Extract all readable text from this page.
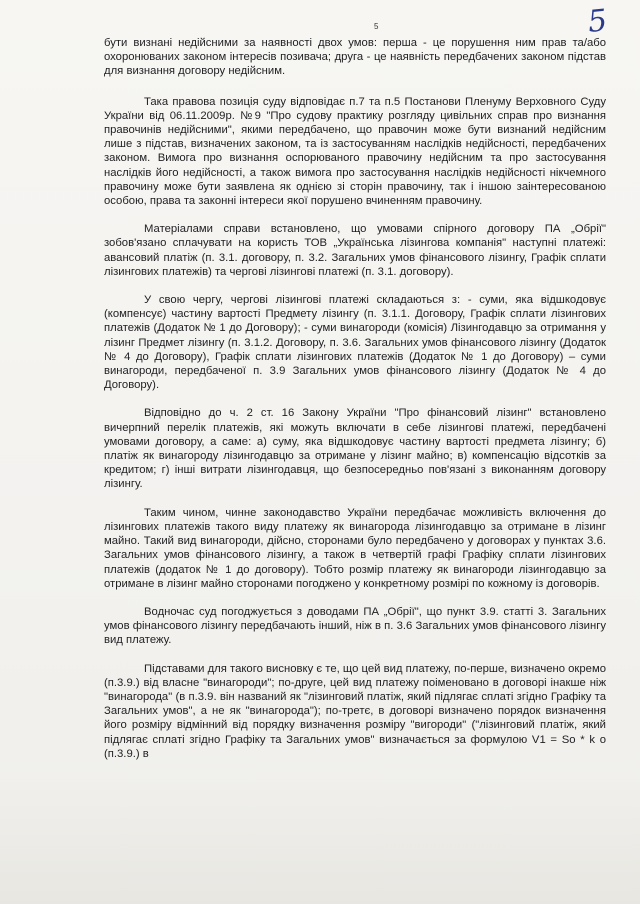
5	5

бути визнані недійсними за наявності двох умов: перша - це порушення ним прав та/або охоронюваних законом інтересів позивача; друга - це наявність передбачених законом підстав для визнання договору недійсним.

Така правова позиція суду відповідає п.7 та п.5 Постанови Пленуму Верховного Суду України від 06.11.2009р. №9 "Про судову практику розгляду цивільних справ про визнання правочинів недійсними", якими передбачено, що правочин може бути визнаний недійсним лише з підстав, визначених законом, та із застосуванням наслідків недійсності, передбачених законом. Вимога про визнання оспорюваного правочину недійсним та про застосування наслідків його недійсності, а також вимога про застосування наслідків недійсності нікчемного правочину може бути заявлена як однією зі сторін правочину, так і іншою заінтересованою особою, права та законні інтереси якої порушено вчиненням правочину.

Матеріалами справи встановлено, що умовами спірного договору ПА „Обрії" зобов'язано сплачувати на користь ТОВ „Українська лізингова компанія" наступні платежі: авансовий платіж (п. 3.1. договору, п. 3.2. Загальних умов фінансового лізингу, Графік сплати лізингових платежів) та чергові лізингові платежі (п. 3.1. договору).

У свою чергу, чергові лізингові платежі складаються з: - суми, яка відшкодовує (компенсує) частину вартості Предмету лізингу (п. 3.1.1. Договору, Графік сплати лізингових платежів (Додаток № 1 до Договору); - суми винагороди (комісія) Лізингодавцю за отримання у лізинг Предмет лізингу (п. 3.1.2. Договору, п. 3.6. Загальних умов фінансового лізингу (Додаток № 4 до Договору), Графік сплати лізингових платежів (Додаток № 1 до Договору) – суми винагороди, передбаченої п. 3.9 Загальних умов фінансового лізингу (Додаток № 4 до Договору).

Відповідно до ч. 2 ст. 16 Закону України "Про фінансовий лізинг" встановлено вичерпний перелік платежів, які можуть включати в себе лізингові платежі, передбачені умовами договору, а саме: а) суму, яка відшкодовує частину вартості предмета лізингу; б) платіж як винагороду лізингодавцю за отримане у лізинг майно; в) компенсацію відсотків за кредитом; г) інші витрати лізингодавця, що безпосередньо пов'язані з виконанням договору лізингу.

Таким чином, чинне законодавство України передбачає можливість включення до лізингових платежів такого виду платежу як винагорода лізингодавцю за отримане в лізинг майно. Такий вид винагороди, дійсно, сторонами було передбачено у договорах у пунктах 3.6. Загальних умов фінансового лізингу, а також в четвертій графі Графіку сплати лізингових платежів (додаток № 1 до договору). Тобто розмір платежу як винагороди лізингодавцю за отримане в лізинг майно сторонами погоджено у конкретному розмірі по кожному із договорів.

Водночас суд погоджується з доводами ПА „Обрії", що пункт 3.9. статті 3. Загальних умов фінансового лізингу передбачають інший, ніж в п. 3.6 Загальних умов фінансового лізингу вид платежу.

Підставами для такого висновку є те, що цей вид платежу, по-перше, визначено окремо (п.3.9.) від власне "винагороди"; по-друге, цей вид платежу поіменовано в договорі інакше ніж "винагорода" (в п.3.9. він названий як "лізинговий платіж, який підлягає сплаті згідно Графіку та Загальних умов", а не як "винагорода"); по-третє, в договорі визначено порядок визначення його розміру відмінний від порядку визначення розміру "вигороди" ("лізинговий платіж, який підлягає сплаті згідно Графіку та Загальних умов" визначається за формулою V1 = So * k o (п.3.9.) в
